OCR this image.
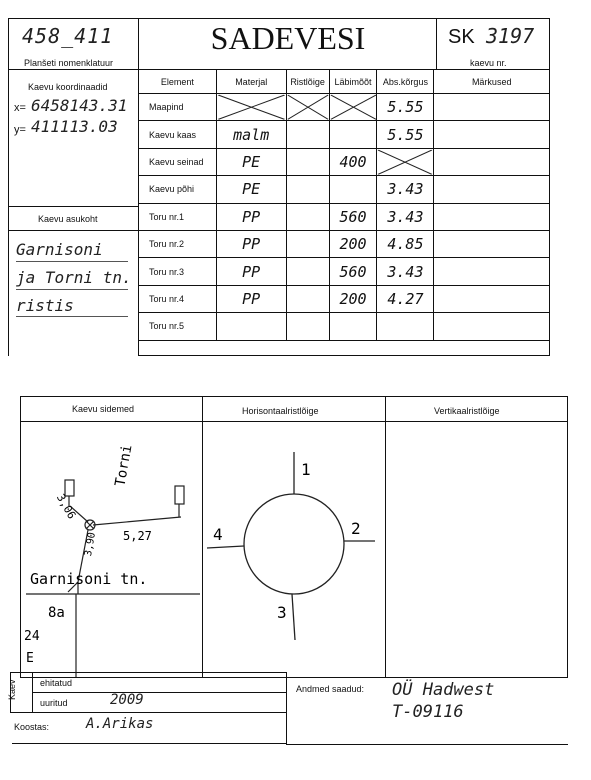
458_411
Planšeti nomenklatuur
SADEVESI	SK 3197
kaevu nr.
Kaevu koordinaadid
x= 6458143.31
y= 411113.03
Kaevu asukoht
Garnisoni
ja Torni tn.
ristis
Element	Materjal	Ristlõige	Läbimõõt	Abs.kõrgus	Märkused
Maapind				5.55	
Kaevu kaas	malm			5.55	
Kaevu seinad	PE		400	

Kaevu põhi	PE			3.43	
Toru nr.1	PP		560	3.43	
Toru nr.2	PP		200	4.85	
Toru nr.3	PP		560	3.43	
Toru nr.4	PP		200	4.27	
Toru nr.5					
Kaevu sidemed	Horisontaalristlõige	Vertikaalristlõige
Torni
Garnisoni tn.
3,06
5,27
3,90
8a
24
E
1
2
3
4
Kaev	ehitatud
uuritud	2009
Andmed saadud: OÜ Hadwest
T-09116
Koostas:	A.Arikas
